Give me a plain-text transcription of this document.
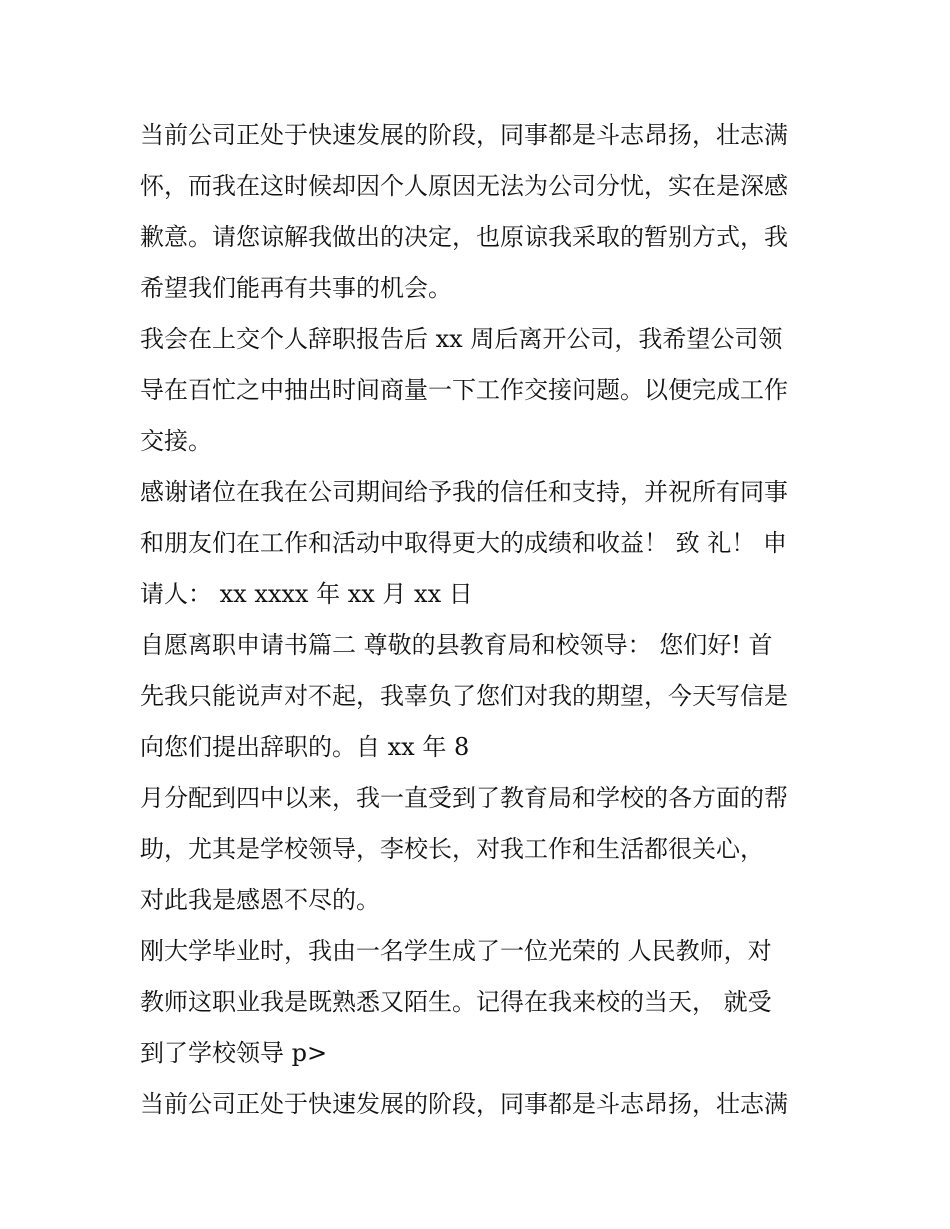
当前公司正处于快速发展的阶段，同事都是斗志昂扬，壮志满
怀，而我在这时候却因个人原因无法为公司分忧，实在是深感
歉意。请您谅解我做出的决定，也原谅我采取的暂别方式，我
希望我们能再有共事的机会。
我会在上交个人辞职报告后 xx 周后离开公司，我希望公司领
导在百忙之中抽出时间商量一下工作交接问题。以便完成工作
交接。
感谢诸位在我在公司期间给予我的信任和支持，并祝所有同事
和朋友们在工作和活动中取得更大的成绩和收益！ 致 礼！ 申
请人： xx xxxx 年 xx 月 xx 日
自愿离职申请书篇二 尊敬的县教育局和校领导： 您们好! 首
先我只能说声对不起，我辜负了您们对我的期望，今天写信是
向您们提出辞职的。自 xx 年 8
月分配到四中以来，我一直受到了教育局和学校的各方面的帮
助，尤其是学校领导，李校长，对我工作和生活都很关心，
对此我是感恩不尽的。
刚大学毕业时，我由一名学生成了一位光荣的 人民教师，对
教师这职业我是既熟悉又陌生。记得在我来校的当天， 就受
到了学校领导 p>
当前公司正处于快速发展的阶段，同事都是斗志昂扬，壮志满
